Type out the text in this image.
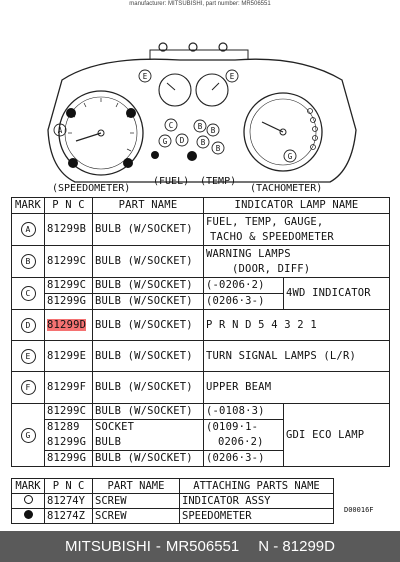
manufacturer: MITSUBISHI, part number: MR506551
C
D
G
B B
B
B
E	E
G
A
(SPEEDOMETER)
(FUEL) (TEMP)
(TACHOMETER)
MARK	P N C	PART NAME	INDICATOR LAMP NAME	
A	81299B	BULB (W/SOCKET)	FUEL, TEMP, GAUGE,
TACHO & SPEEDOMETER	

B	81299C	BULB (W/SOCKET)	WARNING LAMPS
(DOOR, DIFF)	

C	81299C	BULB (W/SOCKET)	(-0206·2)	4WD INDICATOR
	81299G	BULB (W/SOCKET)	(0206·3-)	
D	81299D	BULB (W/SOCKET)	P R N D 5 4 3 2 1	
E	81299E	BULB (W/SOCKET)	TURN SIGNAL LAMPS (L/R)	
F	81299F	BULB (W/SOCKET)	UPPER BEAM	
G	81299C	BULB (W/SOCKET)	(-0108·3)	GDI ECO LAMP
	81289	SOCKET	(0109·1-
0206·2)	

	81299G	BULB		
	81299G	BULB (W/SOCKET)	(0206·3-)	
MARK	P N C	PART NAME	ATTACHING PARTS NAME
	81274Y	SCREW	INDICATOR ASSY
	81274Z	SCREW	SPEEDOMETER	D00016F
MITSUBISHI - MR506551 N - 81299D
